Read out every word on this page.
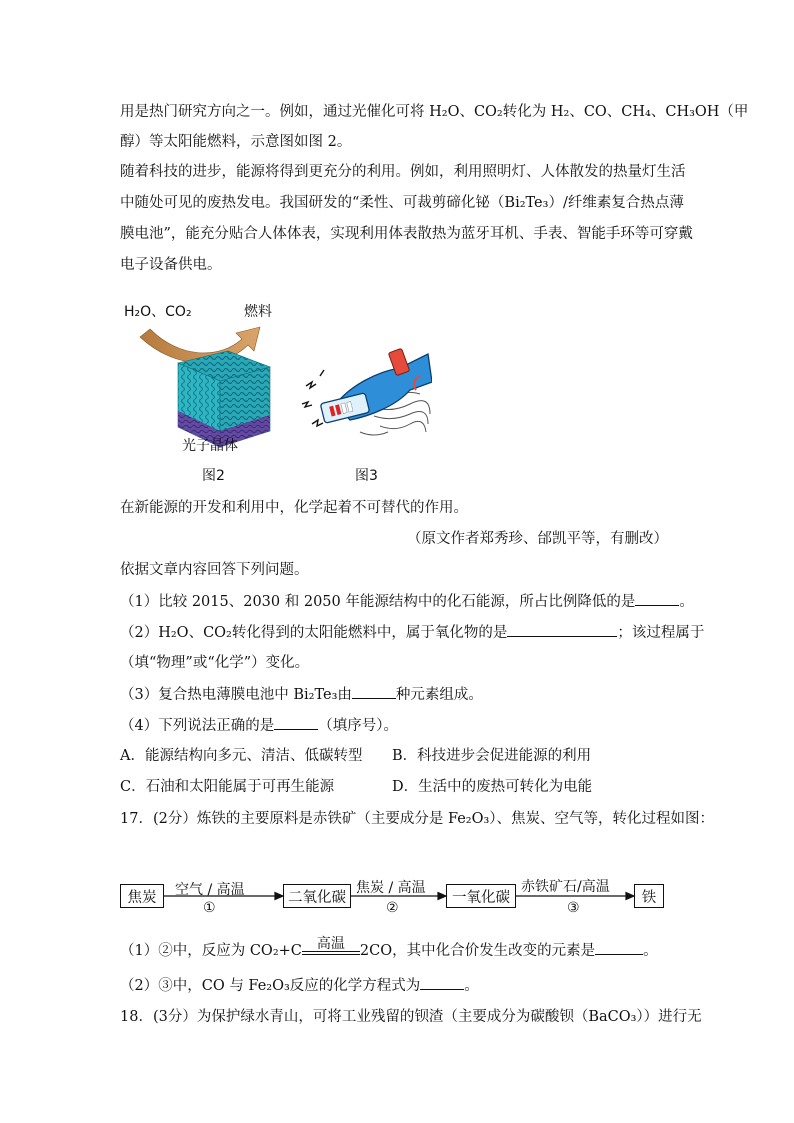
用是热门研究方向之一。例如，通过光催化可将 H₂O、CO₂转化为 H₂、CO、CH₄、CH₃OH（甲
醇）等太阳能燃料，示意图如图 2。
随着科技的进步，能源将得到更充分的利用。例如，利用照明灯、人体散发的热量灯生活
中随处可见的废热发电。我国研发的“柔性、可裁剪碲化铋（Bi₂Te₃）/纤维素复合热点薄
膜电池”，能充分贴合人体体表，实现利用体表散热为蓝牙耳机、手表、智能手环等可穿戴
电子设备供电。
H₂O、CO₂	燃料
光子晶体
图2	图3
在新能源的开发和利用中，化学起着不可替代的作用。
（原文作者郑秀珍、邰凯平等，有删改）
依据文章内容回答下列问题。
（1）比较 2015、2030 和 2050 年能源结构中的化石能源，所占比例降低的是	。
（2）H₂O、CO₂转化得到的太阳能燃料中，属于氧化物的是	；该过程属于
（填“物理”或“化学”）变化。
（3）复合热电薄膜电池中 Bi₂Te₃由	种元素组成。
（4）下列说法正确的是	（填序号）。
A．能源结构向多元、清洁、低碳转型 B．科技进步会促进能源的利用
C．石油和太阳能属于可再生能源	D．生活中的废热可转化为电能
17．(2分）炼铁的主要原料是赤铁矿（主要成分是 Fe₂O₃）、焦炭、空气等，转化过程如图：
焦炭	二氧化碳	一氧化碳	铁
空气 / 高温
①
焦炭 / 高温
②
赤铁矿石/高温
③
（1）②中，反应为 CO₂+C	高温	2CO，其中化合价发生改变的元素是	。
（2）③中，CO 与 Fe₂O₃反应的化学方程式为	。
18．(3分）为保护绿水青山，可将工业残留的钡渣（主要成分为碳酸钡（BaCO₃））进行无
